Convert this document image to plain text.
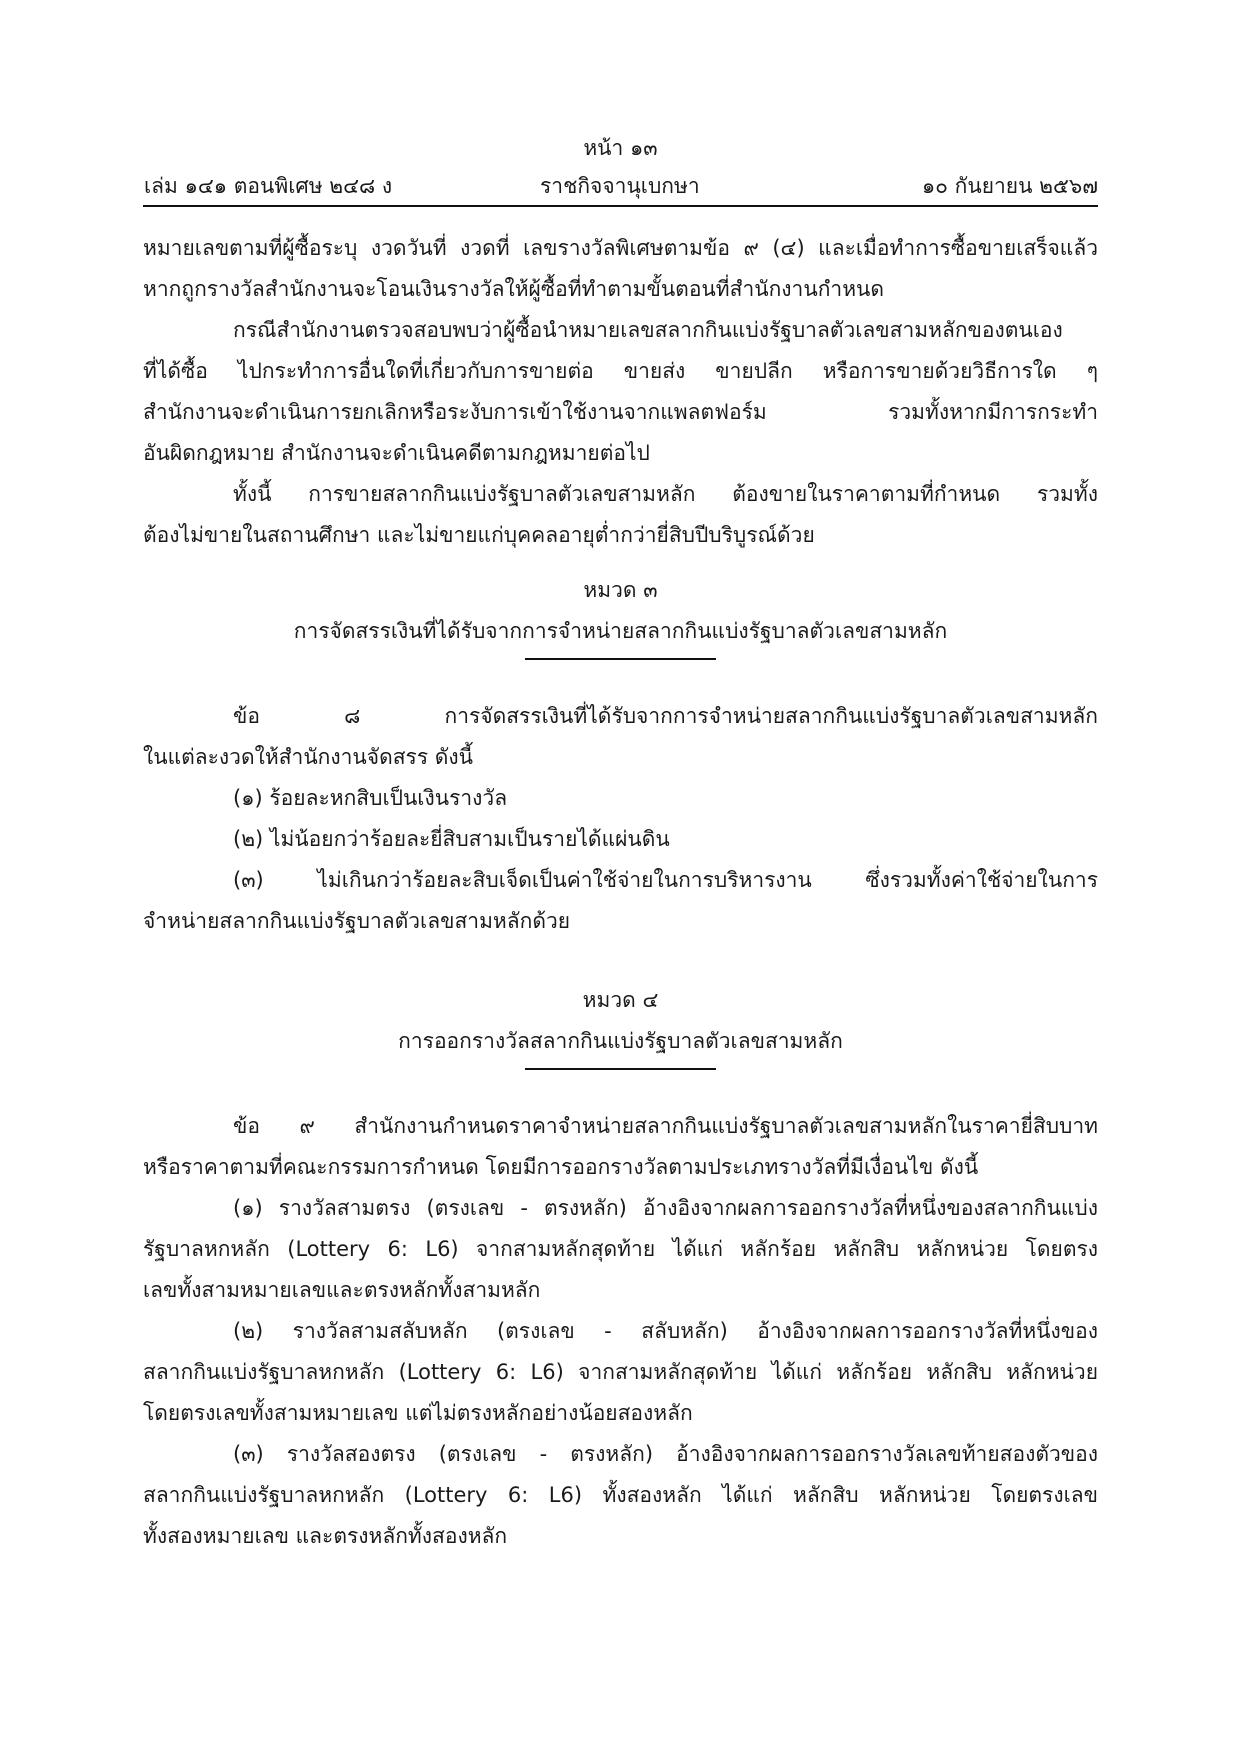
หน้า ๑๓
เล่ม ๑๔๑ ตอนพิเศษ ๒๔๘ ง	ราชกิจจานุเบกษา	๑๐ กันยายน ๒๕๖๗
หมายเลขตามที่ผู้ซื้อระบุ งวดวันที่ งวดที่ เลขรางวัลพิเศษตามข้อ ๙ (๔) และเมื่อทำการซื้อขายเสร็จแล้ว
หากถูกรางวัลสำนักงานจะโอนเงินรางวัลให้ผู้ซื้อที่ทำตามขั้นตอนที่สำนักงานกำหนด
กรณีสำนักงานตรวจสอบพบว่าผู้ซื้อนำหมายเลขสลากกินแบ่งรัฐบาลตัวเลขสามหลักของตนเอง
ที่ได้ซื้อ ไปกระทำการอื่นใดที่เกี่ยวกับการขายต่อ ขายส่ง ขายปลีก หรือการขายด้วยวิธีการใด ๆ
สำนักงานจะดำเนินการยกเลิกหรือระงับการเข้าใช้งานจากแพลตฟอร์ม รวมทั้งหากมีการกระทำ
อันผิดกฎหมาย สำนักงานจะดำเนินคดีตามกฎหมายต่อไป
ทั้งนี้ การขายสลากกินแบ่งรัฐบาลตัวเลขสามหลัก ต้องขายในราคาตามที่กำหนด รวมทั้ง
ต้องไม่ขายในสถานศึกษา และไม่ขายแก่บุคคลอายุต่ำกว่ายี่สิบปีบริบูรณ์ด้วย
หมวด ๓
การจัดสรรเงินที่ได้รับจากการจำหน่ายสลากกินแบ่งรัฐบาลตัวเลขสามหลัก
ข้อ ๘ การจัดสรรเงินที่ได้รับจากการจำหน่ายสลากกินแบ่งรัฐบาลตัวเลขสามหลัก
ในแต่ละงวดให้สำนักงานจัดสรร ดังนี้
(๑) ร้อยละหกสิบเป็นเงินรางวัล
(๒) ไม่น้อยกว่าร้อยละยี่สิบสามเป็นรายได้แผ่นดิน
(๓) ไม่เกินกว่าร้อยละสิบเจ็ดเป็นค่าใช้จ่ายในการบริหารงาน ซึ่งรวมทั้งค่าใช้จ่ายในการ
จำหน่ายสลากกินแบ่งรัฐบาลตัวเลขสามหลักด้วย
หมวด ๔
การออกรางวัลสลากกินแบ่งรัฐบาลตัวเลขสามหลัก
ข้อ ๙ สำนักงานกำหนดราคาจำหน่ายสลากกินแบ่งรัฐบาลตัวเลขสามหลักในราคายี่สิบบาท
หรือราคาตามที่คณะกรรมการกำหนด โดยมีการออกรางวัลตามประเภทรางวัลที่มีเงื่อนไข ดังนี้
(๑) รางวัลสามตรง (ตรงเลข - ตรงหลัก) อ้างอิงจากผลการออกรางวัลที่หนึ่งของสลากกินแบ่ง
รัฐบาลหกหลัก (Lottery 6: L6) จากสามหลักสุดท้าย ได้แก่ หลักร้อย หลักสิบ หลักหน่วย โดยตรง
เลขทั้งสามหมายเลขและตรงหลักทั้งสามหลัก
(๒) รางวัลสามสลับหลัก (ตรงเลข - สลับหลัก) อ้างอิงจากผลการออกรางวัลที่หนึ่งของ
สลากกินแบ่งรัฐบาลหกหลัก (Lottery 6: L6) จากสามหลักสุดท้าย ได้แก่ หลักร้อย หลักสิบ หลักหน่วย
โดยตรงเลขทั้งสามหมายเลข แต่ไม่ตรงหลักอย่างน้อยสองหลัก
(๓) รางวัลสองตรง (ตรงเลข - ตรงหลัก) อ้างอิงจากผลการออกรางวัลเลขท้ายสองตัวของ
สลากกินแบ่งรัฐบาลหกหลัก (Lottery 6: L6) ทั้งสองหลัก ได้แก่ หลักสิบ หลักหน่วย โดยตรงเลข
ทั้งสองหมายเลข และตรงหลักทั้งสองหลัก
